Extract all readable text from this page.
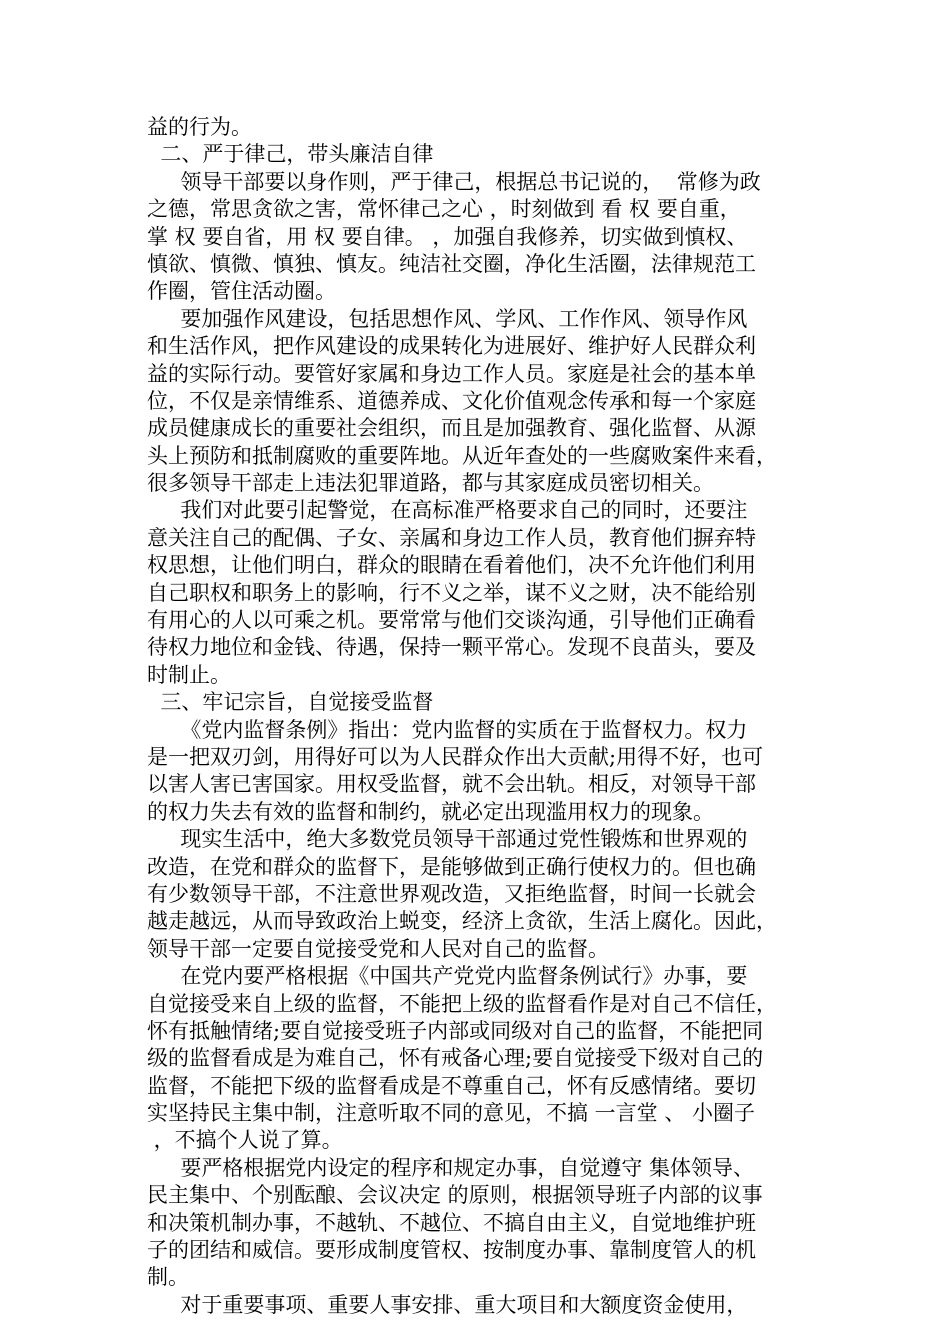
益的行为。
二、严于律己，带头廉洁自律
领导干部要以身作则，严于律己，根据总书记说的，  常修为政
之德，常思贪欲之害，常怀律己之心 ，时刻做到 看 权 要自重，
掌 权 要自省，用 权 要自律。 ，加强自我修养，切实做到慎权、
慎欲、慎微、慎独、慎友。纯洁社交圈，净化生活圈，法律规范工
作圈，管住活动圈。
要加强作风建设，包括思想作风、学风、工作作风、领导作风
和生活作风，把作风建设的成果转化为进展好、维护好人民群众利
益的实际行动。要管好家属和身边工作人员。家庭是社会的基本单
位，不仅是亲情维系、道德养成、文化价值观念传承和每一个家庭
成员健康成长的重要社会组织，而且是加强教育、强化监督、从源
头上预防和抵制腐败的重要阵地。从近年查处的一些腐败案件来看，
很多领导干部走上违法犯罪道路，都与其家庭成员密切相关。
我们对此要引起警觉，在高标准严格要求自己的同时，还要注
意关注自己的配偶、子女、亲属和身边工作人员，教育他们摒弃特
权思想，让他们明白，群众的眼睛在看着他们，决不允许他们利用
自己职权和职务上的影响，行不义之举，谋不义之财，决不能给别
有用心的人以可乘之机。要常常与他们交谈沟通，引导他们正确看
待权力地位和金钱、待遇，保持一颗平常心。发现不良苗头，要及
时制止。
三、牢记宗旨，自觉接受监督
《党内监督条例》指出：党内监督的实质在于监督权力。权力
是一把双刃剑，用得好可以为人民群众作出大贡献;用得不好，也可
以害人害已害国家。用权受监督，就不会出轨。相反，对领导干部
的权力失去有效的监督和制约，就必定出现滥用权力的现象。
现实生活中，绝大多数党员领导干部通过党性锻炼和世界观的
改造，在党和群众的监督下，是能够做到正确行使权力的。但也确
有少数领导干部，不注意世界观改造，又拒绝监督，时间一长就会
越走越远，从而导致政治上蜕变，经济上贪欲，生活上腐化。因此，
领导干部一定要自觉接受党和人民对自己的监督。
在党内要严格根据《中国共产党党内监督条例试行》办事，要
自觉接受来自上级的监督，不能把上级的监督看作是对自己不信任，
怀有抵触情绪;要自觉接受班子内部或同级对自己的监督，不能把同
级的监督看成是为难自己，怀有戒备心理;要自觉接受下级对自己的
监督，不能把下级的监督看成是不尊重自己，怀有反感情绪。要切
实坚持民主集中制，注意听取不同的意见，不搞 一言堂 、 小圈子
，不搞个人说了算。
要严格根据党内设定的程序和规定办事，自觉遵守 集体领导、
民主集中、个别酝酿、会议决定 的原则，根据领导班子内部的议事
和决策机制办事，不越轨、不越位、不搞自由主义，自觉地维护班
子的团结和威信。要形成制度管权、按制度办事、靠制度管人的机
制。
对于重要事项、重要人事安排、重大项目和大额度资金使用，
